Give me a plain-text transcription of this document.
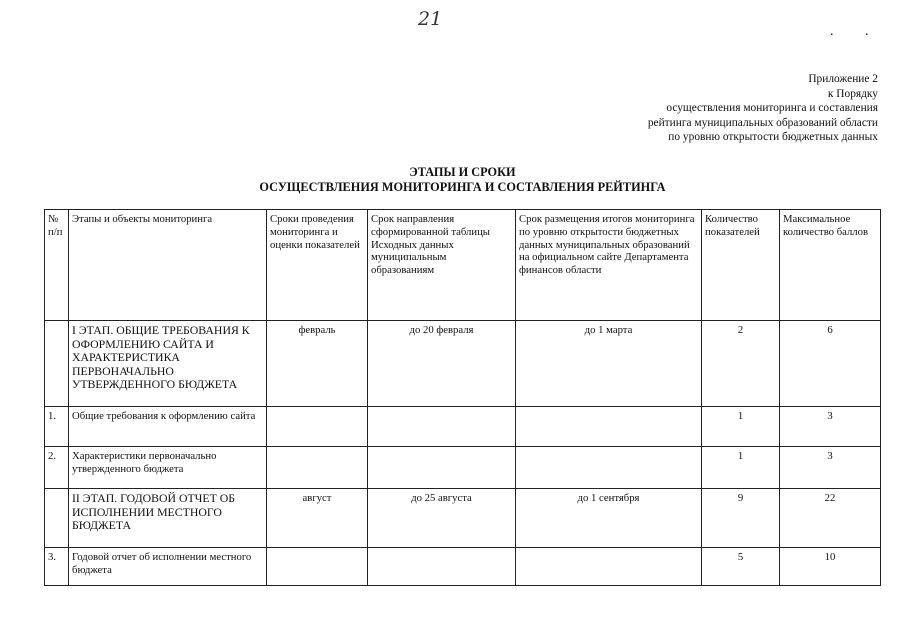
21
. .
Приложение 2
к Порядку
осуществления мониторинга и составления
рейтинга муниципальных образований области
по уровню открытости бюджетных данных
ЭТАПЫ И СРОКИ
ОСУЩЕСТВЛЕНИЯ МОНИТОРИНГА И СОСТАВЛЕНИЯ РЕЙТИНГА
№ п/п	Этапы и объекты мониторинга	Сроки проведения мониторинга и оценки показателей	Срок направления сформированной таблицы Исходных данных муниципальным образованиям	Срок размещения итогов мониторинга по уровню открытости бюджетных данных муниципальных образований на официальном сайте Департамента финансов области	Количество показателей	Максимальное количество баллов
	I ЭТАП. ОБЩИЕ ТРЕБОВАНИЯ К ОФОРМЛЕНИЮ САЙТА И ХАРАКТЕРИСТИКА ПЕРВОНАЧАЛЬНО УТВЕРЖДЕННОГО БЮДЖЕТА	февраль	до 20 февраля	до 1 марта	2	6
1.	Общие требования к оформлению сайта				1	3
2.	Характеристики первоначально утвержденного бюджета				1	3
	II ЭТАП. ГОДОВОЙ ОТЧЕТ ОБ ИСПОЛНЕНИИ МЕСТНОГО БЮДЖЕТА	август	до 25 августа	до 1 сентября	9	22
3.	Годовой отчет об исполнении местного бюджета				5	10
